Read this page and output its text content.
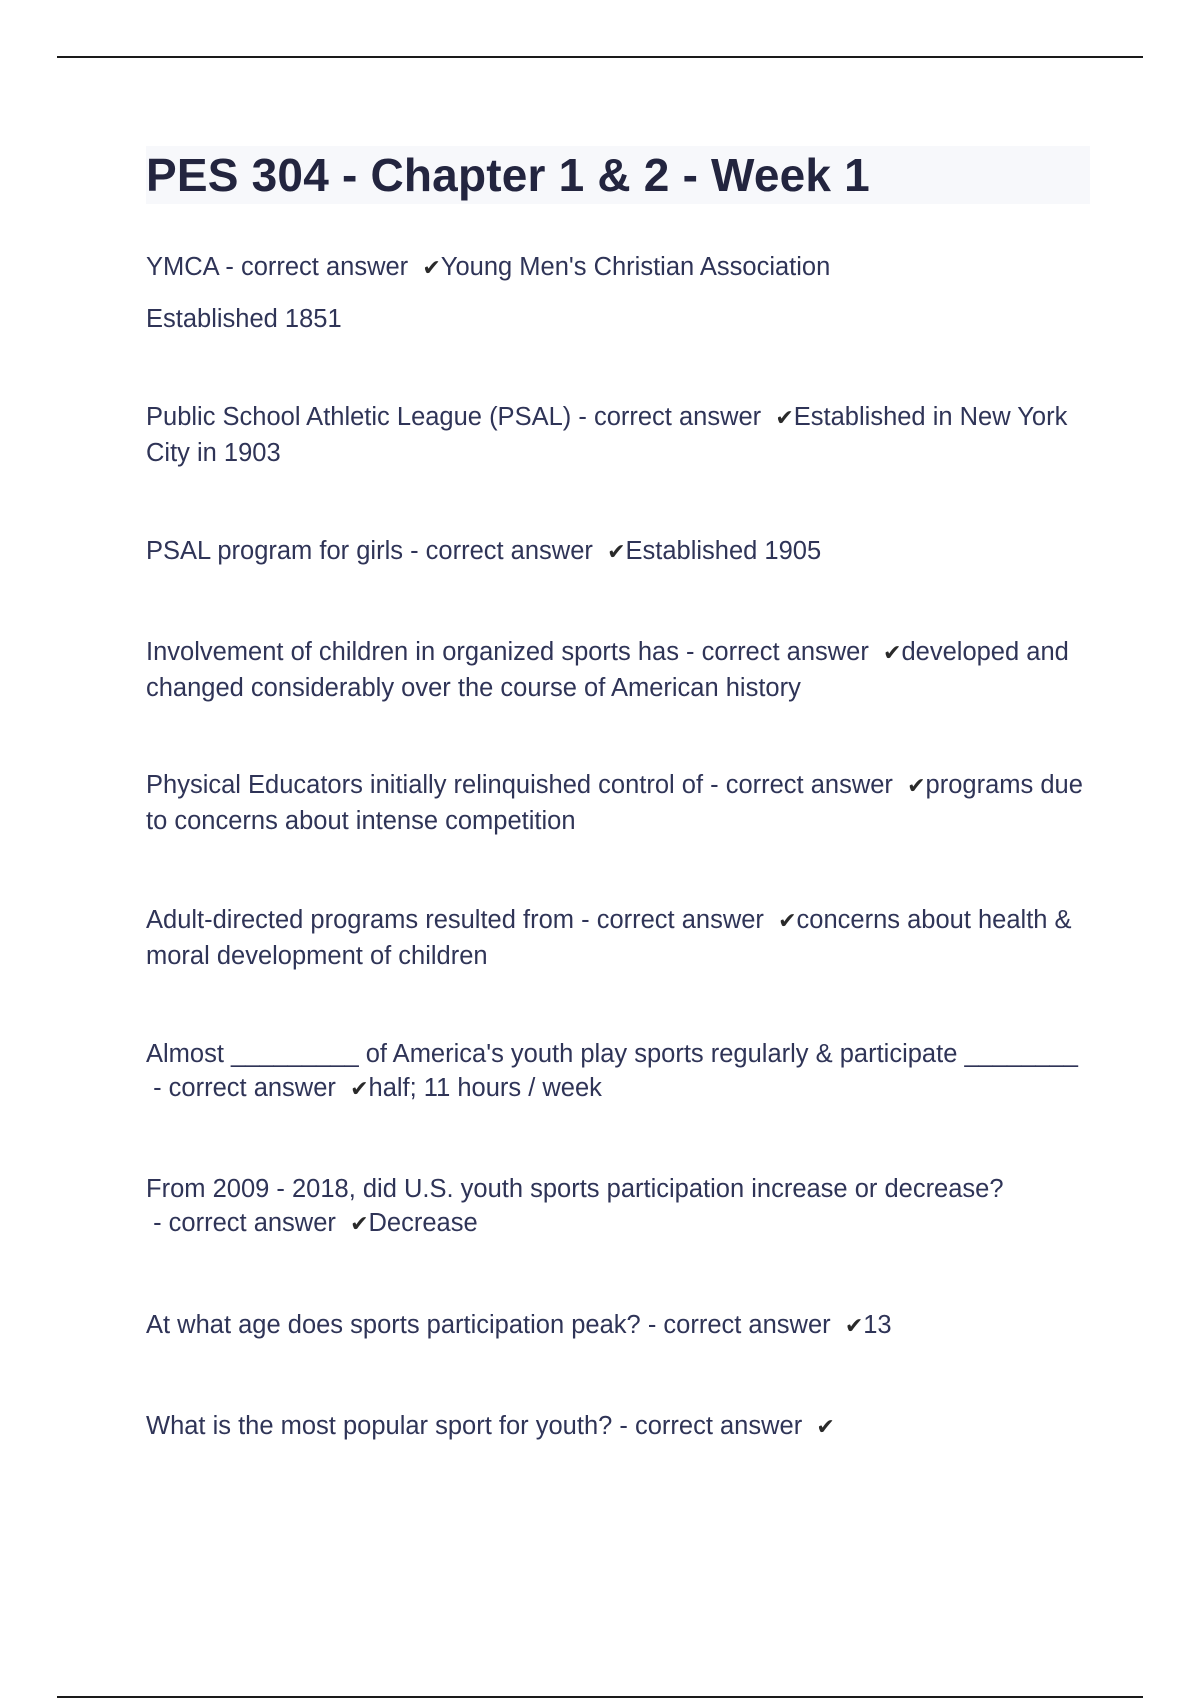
PES 304 - Chapter 1 & 2 - Week 1
YMCA - correct answer ✔Young Men's Christian Association
Established 1851
Public School Athletic League (PSAL) - correct answer ✔Established in New York City in 1903
PSAL program for girls - correct answer ✔Established 1905
Involvement of children in organized sports has - correct answer ✔developed and changed considerably over the course of American history
Physical Educators initially relinquished control of - correct answer ✔programs due to concerns about intense competition
Adult-directed programs resulted from - correct answer ✔concerns about health & moral development of children
Almost _________ of America's youth play sports regularly & participate ________ - correct answer ✔half; 11 hours / week
From 2009 - 2018, did U.S. youth sports participation increase or decrease? - correct answer ✔Decrease
At what age does sports participation peak? - correct answer ✔13
What is the most popular sport for youth? - correct answer ✔
